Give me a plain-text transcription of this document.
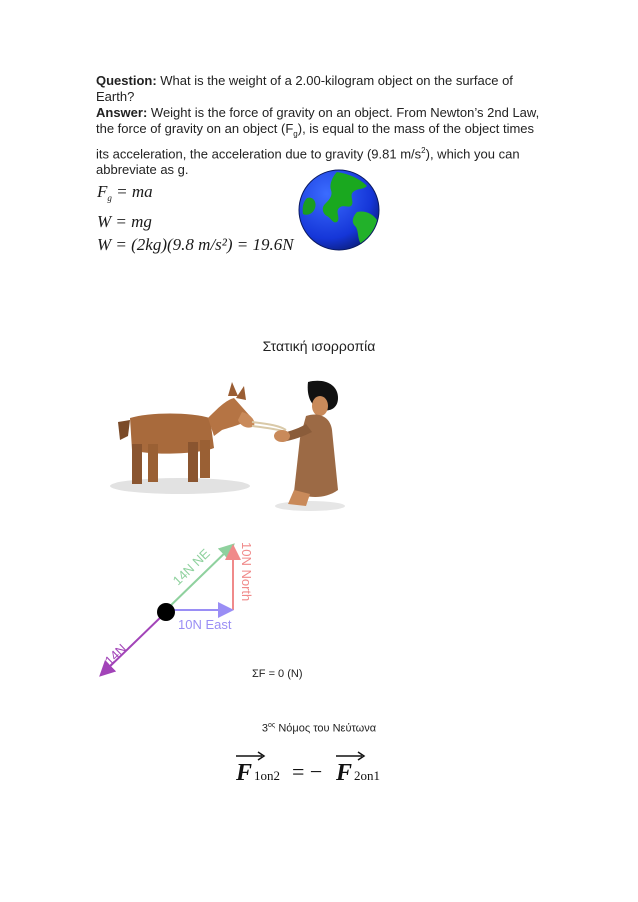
Question: What is the weight of a 2.00-kilogram object on the surface of Earth?

Answer: Weight is the force of gravity on an object. From Newton’s 2nd Law, the force of gravity on an object $(F_g)$, is equal to the mass of the object times its acceleration, the acceleration due to gravity (9.81 $m/s^2$), which you can abbreviate as g.

$F_g$ = ma
W = mg
W = (2kg)(9.8 m/s²) = 19.6N
Στατική ισορροπία
14N NE 10N North
10N East
14N
ΣF = 0 (N)
$3^{o\varsigma}$ Νόμος του Νεύτωνα
F 1on2 = − F 2on1
